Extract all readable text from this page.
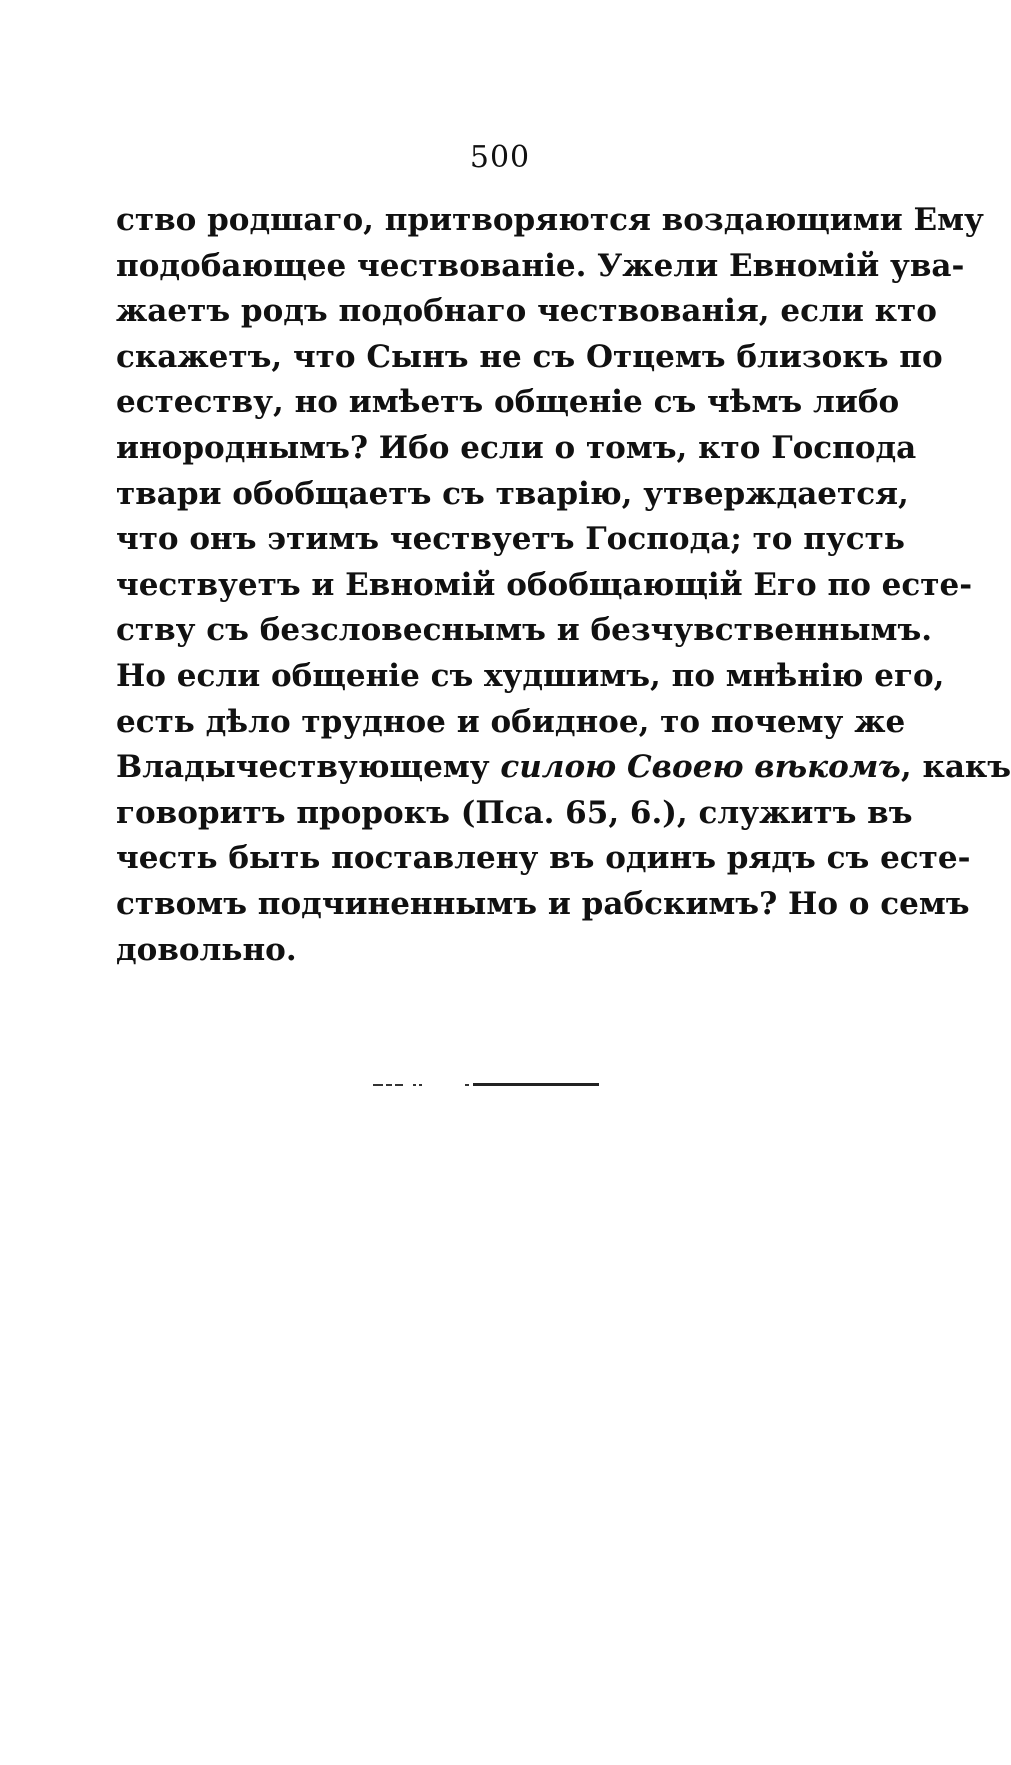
500
ство родшаго, притворяются воздающими Ему
подобающее чествованiе. Ужели Евномiй ува-
жаетъ родъ подобнаго чествованiя, если кто
скажетъ, что Сынъ не съ Отцемъ близокъ по
естеству, но имѣетъ общенiе съ чѣмъ либо
инороднымъ? Ибо если о томъ, кто Господа
твари обобщаетъ съ тварiю, утверждается,
что онъ этимъ чествуетъ Господа; то пусть
чествуетъ и Евномiй обобщающiй Его по есте-
ству съ безсловеснымъ и безчувственнымъ.
Но если общенiе съ худшимъ, по мнѣнiю его,
есть дѣло трудное и обидное, то почему же
Владычествующему силою Своею вѣкомъ, какъ
говоритъ пророкъ (Пса. 65, 6.), служитъ въ
честь быть поставлену въ одинъ рядъ съ есте-
ствомъ подчиненнымъ и рабскимъ? Но о семъ
довольно.
